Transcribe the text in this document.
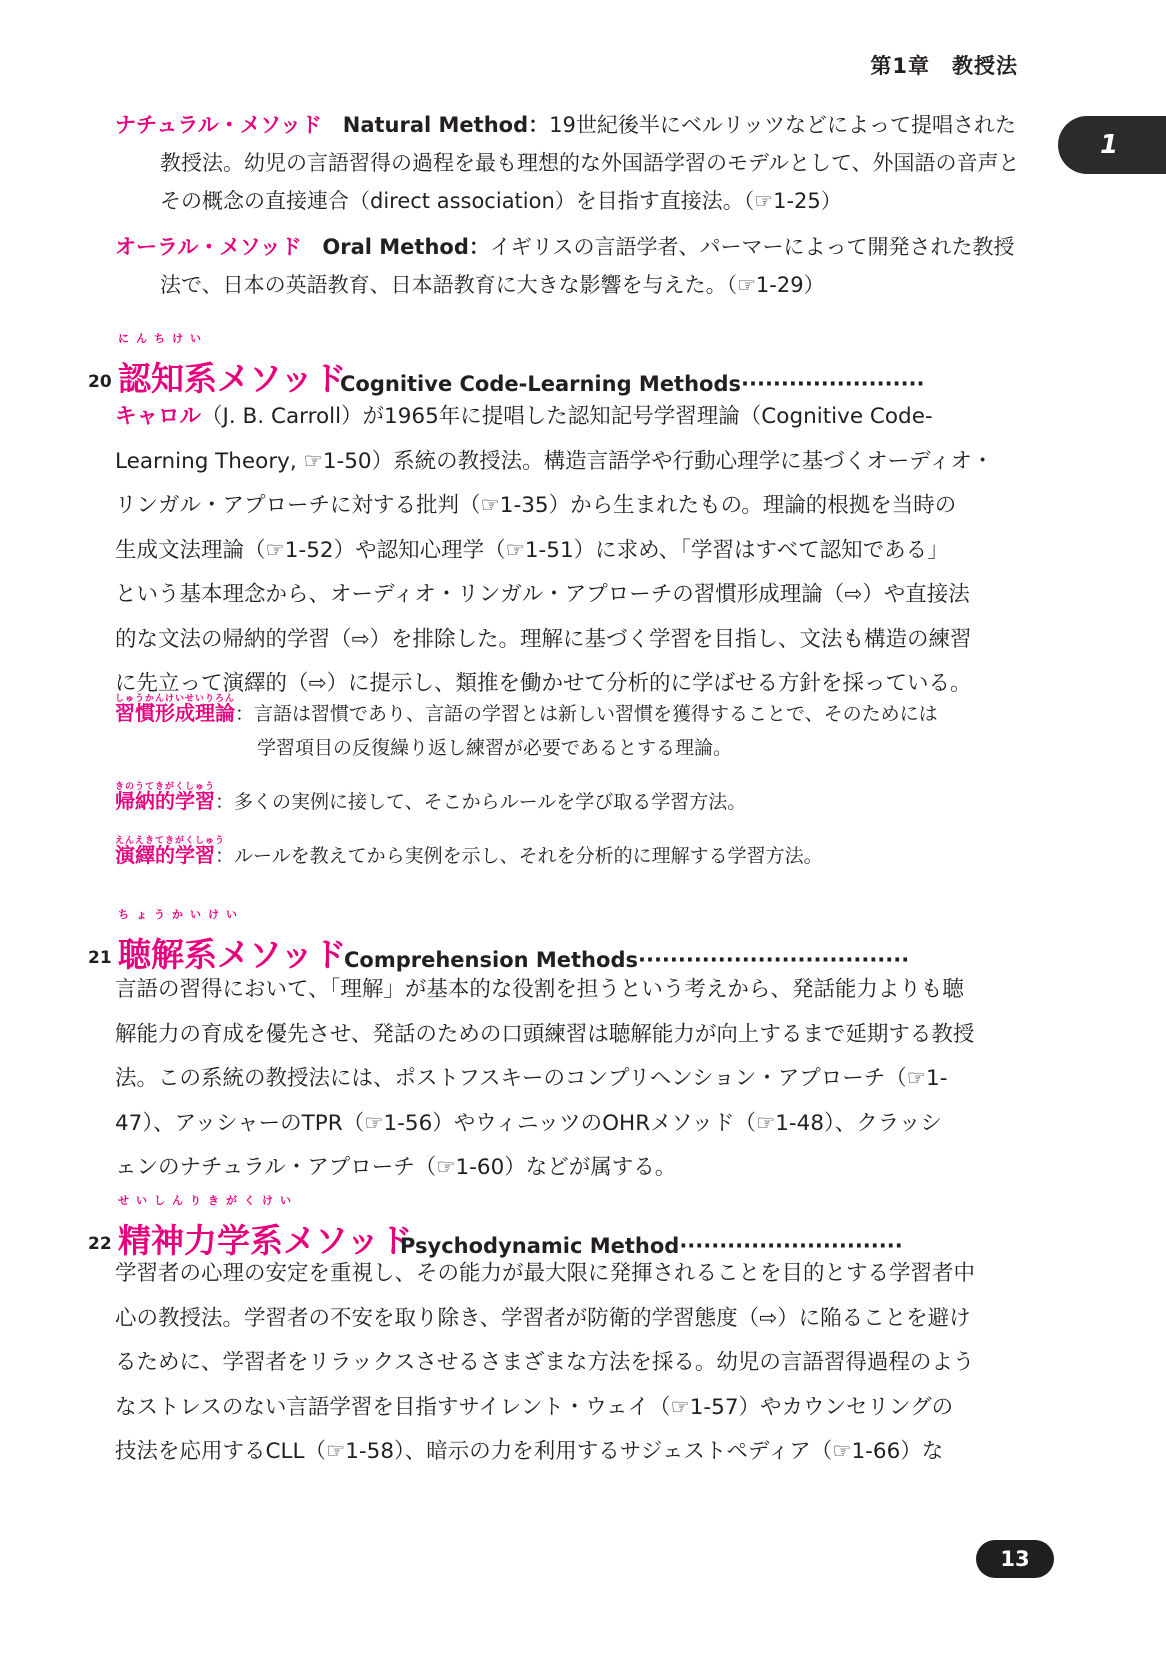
第1章　教授法
1
ナチュラル・メソッド Natural Method：19世紀後半にベルリッツなどによって提唱された
教授法。幼児の言語習得の過程を最も理想的な外国語学習のモデルとして、外国語の音声と
その概念の直接連合（direct association）を目指す直接法。（☞1-25）
オーラル・メソッド Oral Method：イギリスの言語学者、パーマーによって開発された教授
法で、日本の英語教育、日本語教育に大きな影響を与えた。（☞1-29）
20
にんちけい
認知系メソッド
Cognitive Code-Learning Methods·······················
キャロル（J. B. Carroll）が1965年に提唱した認知記号学習理論（Cognitive Code-
Learning Theory, ☞1-50）系統の教授法。構造言語学や行動心理学に基づくオーディオ・
リンガル・アプローチに対する批判（☞1-35）から生まれたもの。理論的根拠を当時の
生成文法理論（☞1-52）や認知心理学（☞1-51）に求め、「学習はすべて認知である」
という基本理念から、オーディオ・リンガル・アプローチの習慣形成理論（⇨）や直接法
的な文法の帰納的学習（⇨）を排除した。理解に基づく学習を目指し、文法も構造の練習
に先立って演繹的（⇨）に提示し、類推を働かせて分析的に学ばせる方針を採っている。
しゅうかんけいせいりろん
習慣形成理論：言語は習慣であり、言語の学習とは新しい習慣を獲得することで、そのためには
学習項目の反復繰り返し練習が必要であるとする理論。
きのうてきがくしゅう
帰納的学習：多くの実例に接して、そこからルールを学び取る学習方法。
えんえきてきがくしゅう
演繹的学習：ルールを教えてから実例を示し、それを分析的に理解する学習方法。
21
ちょうかいけい
聴解系メソッド
Comprehension Methods··································
言語の習得において、「理解」が基本的な役割を担うという考えから、発話能力よりも聴
解能力の育成を優先させ、発話のための口頭練習は聴解能力が向上するまで延期する教授
法。この系統の教授法には、ポストフスキーのコンプリヘンション・アプローチ（☞1-
47）、アッシャーのTPR（☞1-56）やウィニッツのOHRメソッド（☞1-48）、クラッシ
ェンのナチュラル・アプローチ（☞1-60）などが属する。
22
せいしんりきがくけい
精神力学系メソッド
Psychodynamic Method····························
学習者の心理の安定を重視し、その能力が最大限に発揮されることを目的とする学習者中
心の教授法。学習者の不安を取り除き、学習者が防衛的学習態度（⇨）に陥ることを避け
るために、学習者をリラックスさせるさまざまな方法を採る。幼児の言語習得過程のよう
なストレスのない言語学習を目指すサイレント・ウェイ（☞1-57）やカウンセリングの
技法を応用するCLL（☞1-58）、暗示の力を利用するサジェストペディア（☞1-66）な
13
